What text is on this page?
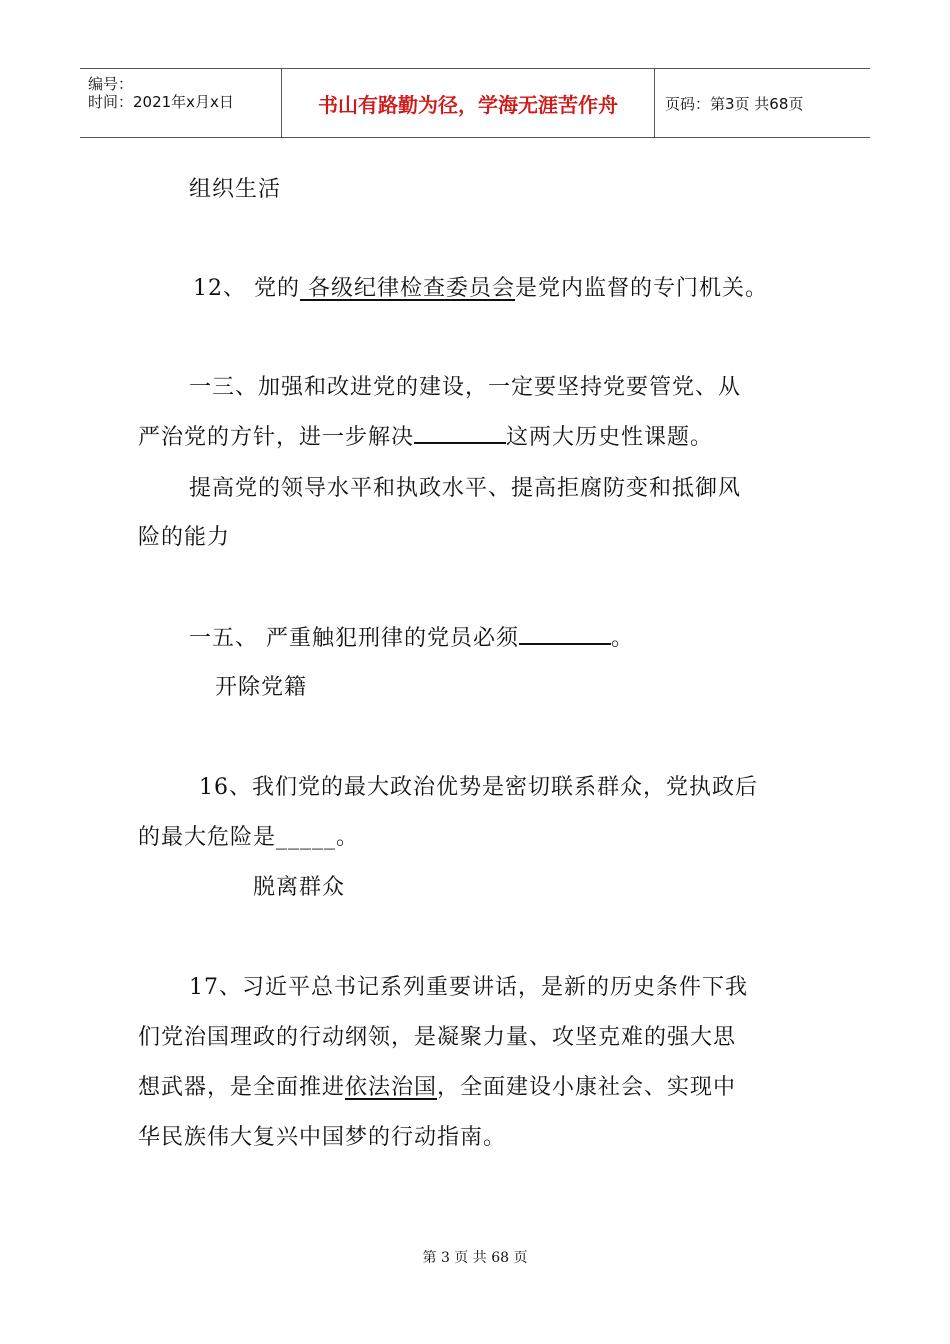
编号：
时间：2021年x月x日	书山有路勤为径，学海无涯苦作舟	页码：第3页 共68页
组织生活
12、 党的 各级纪律检查委员会是党内监督的专门机关。
一三、加强和改进党的建设，一定要坚持党要管党、从
严治党的方针，进一步解决	这两大历史性课题。
提高党的领导水平和执政水平、提高拒腐防变和抵御风
险的能力
一五、 严重触犯刑律的党员必须	。
开除党籍
16、我们党的最大政治优势是密切联系群众，党执政后
的最大危险是_____。
脱离群众
17、习近平总书记系列重要讲话，是新的历史条件下我
们党治国理政的行动纲领，是凝聚力量、攻坚克难的强大思
想武器，是全面推进依法治国，全面建设小康社会、实现中
华民族伟大复兴中国梦的行动指南。
第 3 页 共 68 页
